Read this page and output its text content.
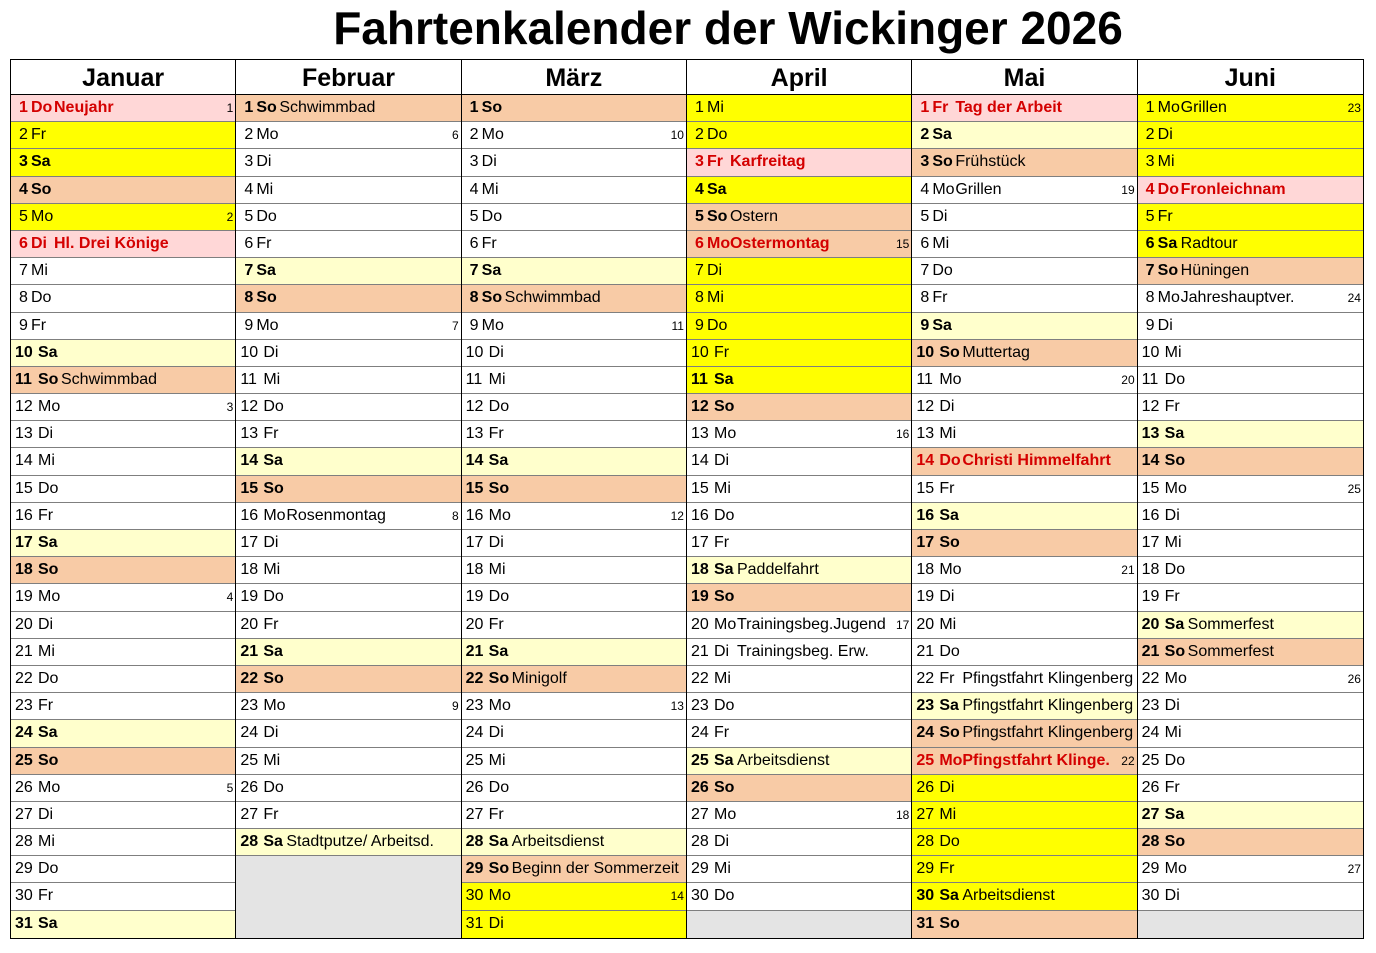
Fahrtenkalender der Wickinger 2026
Januar
1 Do Neujahr	1
2 Fr
3 Sa
4 So
5 Mo	2
6 Di Hl. Drei Könige
7 Mi
8 Do
9 Fr
10 Sa
11 So Schwimmbad
12 Mo	3
13 Di
14 Mi
15 Do
16 Fr
17 Sa
18 So
19 Mo	4
20 Di
21 Mi
22 Do
23 Fr
24 Sa
25 So
26 Mo	5
27 Di
28 Mi
29 Do
30 Fr
31 Sa
Februar
1 So Schwimmbad
2 Mo	6
3 Di
4 Mi
5 Do
6 Fr
7 Sa
8 So
9 Mo	7
10 Di
11 Mi
12 Do
13 Fr
14 Sa
15 So
16 MoRosenmontag	8
17 Di
18 Mi
19 Do
20 Fr
21 Sa
22 So
23 Mo	9
24 Di
25 Mi
26 Do
27 Fr
28 Sa Stadtputze/ Arbeitsd.
März
1 So
2 Mo	10
3 Di
4 Mi
5 Do
6 Fr
7 Sa
8 So Schwimmbad
9 Mo	11
10 Di
11 Mi
12 Do
13 Fr
14 Sa
15 So
16 Mo	12
17 Di
18 Mi
19 Do
20 Fr
21 Sa
22 So Minigolf
23 Mo	13
24 Di
25 Mi
26 Do
27 Fr
28 Sa Arbeitsdienst
29 So Beginn der Sommerzeit
30 Mo	14
31 Di
April
1 Mi
2 Do
3 Fr Karfreitag
4 Sa
5 So Ostern
6 MoOstermontag	15
7 Di
8 Mi
9 Do
10 Fr
11 Sa
12 So
13 Mo	16
14 Di
15 Mi
16 Do
17 Fr
18 Sa Paddelfahrt
19 So
20 MoTrainingsbeg.Jugend 17
21 Di Trainingsbeg. Erw.
22 Mi
23 Do
24 Fr
25 Sa Arbeitsdienst
26 So
27 Mo	18
28 Di
29 Mi
30 Do
Mai
1 Fr Tag der Arbeit
2 Sa
3 So Frühstück
4 MoGrillen	19
5 Di
6 Mi
7 Do
8 Fr
9 Sa
10 So Muttertag
11 Mo	20
12 Di
13 Mi
14 Do Christi Himmelfahrt
15 Fr
16 Sa
17 So
18 Mo	21
19 Di
20 Mi
21 Do
22 Fr Pfingstfahrt Klingenberg
23 Sa Pfingstfahrt Klingenberg
24 So Pfingstfahrt Klingenberg
25 MoPfingstfahrt Klinge. 22
26 Di
27 Mi
28 Do
29 Fr
30 Sa Arbeitsdienst
31 So
Juni
1 MoGrillen	23
2 Di
3 Mi
4 Do Fronleichnam
5 Fr
6 Sa Radtour
7 So Hüningen
8 MoJahreshauptver.	24
9 Di
10 Mi
11 Do
12 Fr
13 Sa
14 So
15 Mo	25
16 Di
17 Mi
18 Do
19 Fr
20 Sa Sommerfest
21 So Sommerfest
22 Mo	26
23 Di
24 Mi
25 Do
26 Fr
27 Sa
28 So
29 Mo	27
30 Di
